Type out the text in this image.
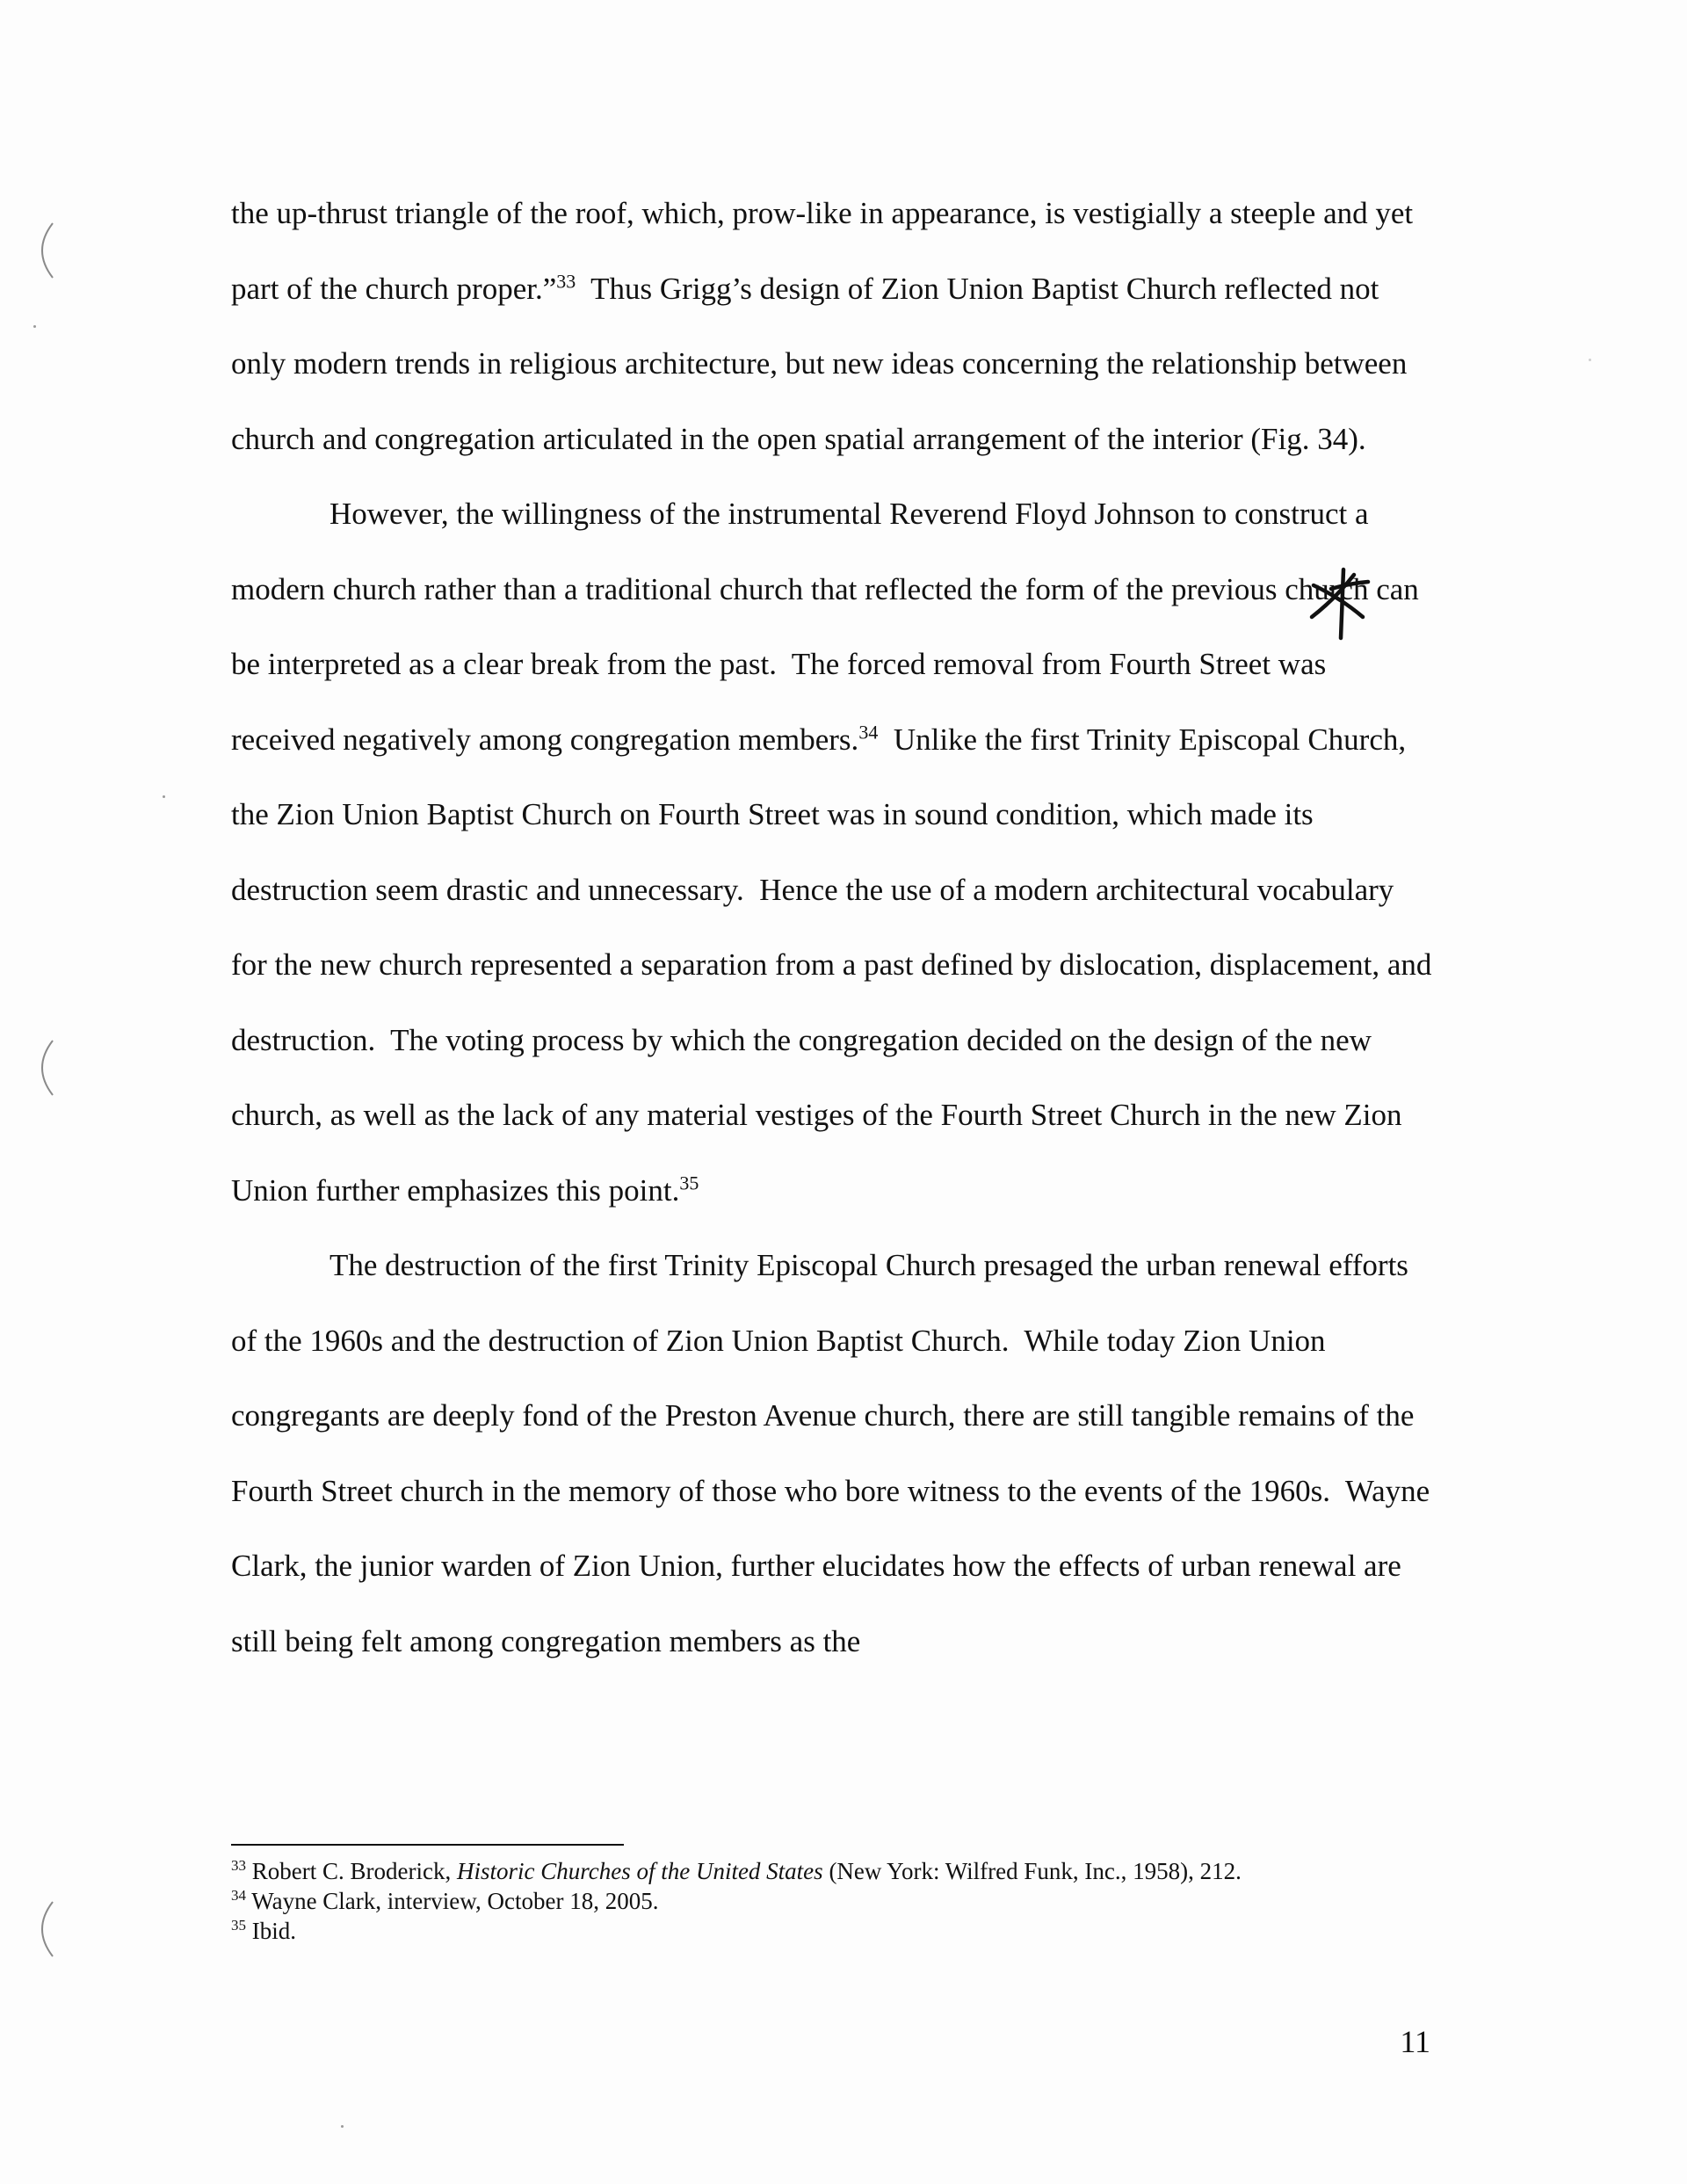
the up-thrust triangle of the roof, which, prow-like in appearance, is vestigially a steeple and yet part of the church proper.”$^{33}$  Thus Grigg’s design of Zion Union Baptist Church reflected not only modern trends in religious architecture, but new ideas concerning the relationship between church and congregation articulated in the open spatial arrangement of the interior (Fig. 34).

However, the willingness of the instrumental Reverend Floyd Johnson to construct a modern church rather than a traditional church that reflected the form of the previous church can be interpreted as a clear break from the past.  The forced removal from Fourth Street was received negatively among congregation members.$^{34}$  Unlike the first Trinity Episcopal Church, the Zion Union Baptist Church on Fourth Street was in sound condition, which made its destruction seem drastic and unnecessary.  Hence the use of a modern architectural vocabulary for the new church represented a separation from a past defined by dislocation, displacement, and destruction.  The voting process by which the congregation decided on the design of the new church, as well as the lack of any material vestiges of the Fourth Street Church in the new Zion Union further emphasizes this point.$^{35}$

The destruction of the first Trinity Episcopal Church presaged the urban renewal efforts of the 1960s and the destruction of Zion Union Baptist Church.  While today Zion Union congregants are deeply fond of the Preston Avenue church, there are still tangible remains of the Fourth Street church in the memory of those who bore witness to the events of the 1960s.  Wayne Clark, the junior warden of Zion Union, further elucidates how the effects of urban renewal are still being felt among congregation members as the

$^{33}$ Robert C. Broderick, Historic Churches of the United States (New York: Wilfred Funk, Inc., 1958), 212.

$^{34}$ Wayne Clark, interview, October 18, 2005.

$^{35}$ Ibid.

11
